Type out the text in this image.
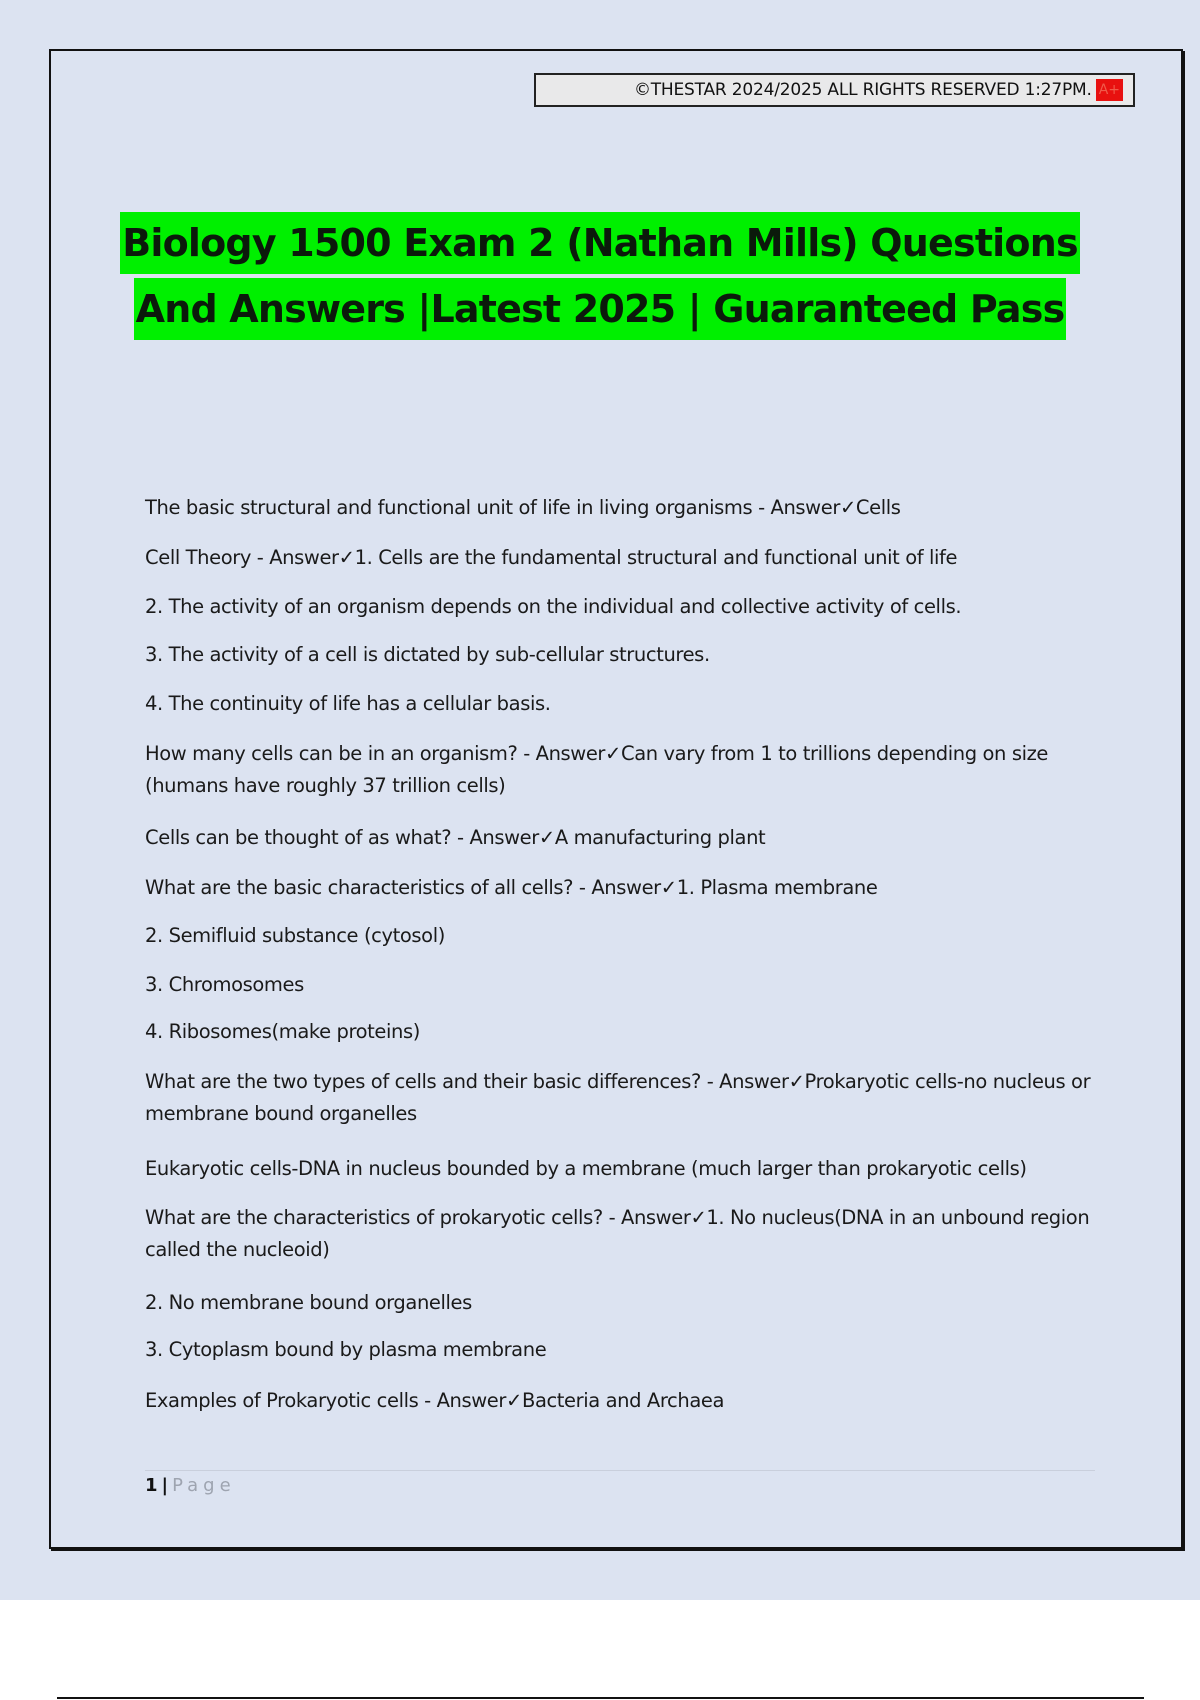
©THESTAR 2024/2025 ALL RIGHTS RESERVED 1:27PM. A+
Biology 1500 Exam 2 (Nathan Mills) Questions
And Answers |Latest 2025 | Guaranteed Pass
The basic structural and functional unit of life in living organisms - Answer✓Cells
Cell Theory - Answer✓1. Cells are the fundamental structural and functional unit of life
2. The activity of an organism depends on the individual and collective activity of cells.
3. The activity of a cell is dictated by sub-cellular structures.
4. The continuity of life has a cellular basis.
How many cells can be in an organism? - Answer✓Can vary from 1 to trillions depending on size (humans have roughly 37 trillion cells)
Cells can be thought of as what? - Answer✓A manufacturing plant
What are the basic characteristics of all cells? - Answer✓1. Plasma membrane
2. Semifluid substance (cytosol)
3. Chromosomes
4. Ribosomes(make proteins)
What are the two types of cells and their basic differences? - Answer✓Prokaryotic cells-no nucleus or membrane bound organelles
Eukaryotic cells-DNA in nucleus bounded by a membrane (much larger than prokaryotic cells)
What are the characteristics of prokaryotic cells? - Answer✓1. No nucleus(DNA in an unbound region called the nucleoid)
2. No membrane bound organelles
3. Cytoplasm bound by plasma membrane
Examples of Prokaryotic cells - Answer✓Bacteria and Archaea
1 | Page
